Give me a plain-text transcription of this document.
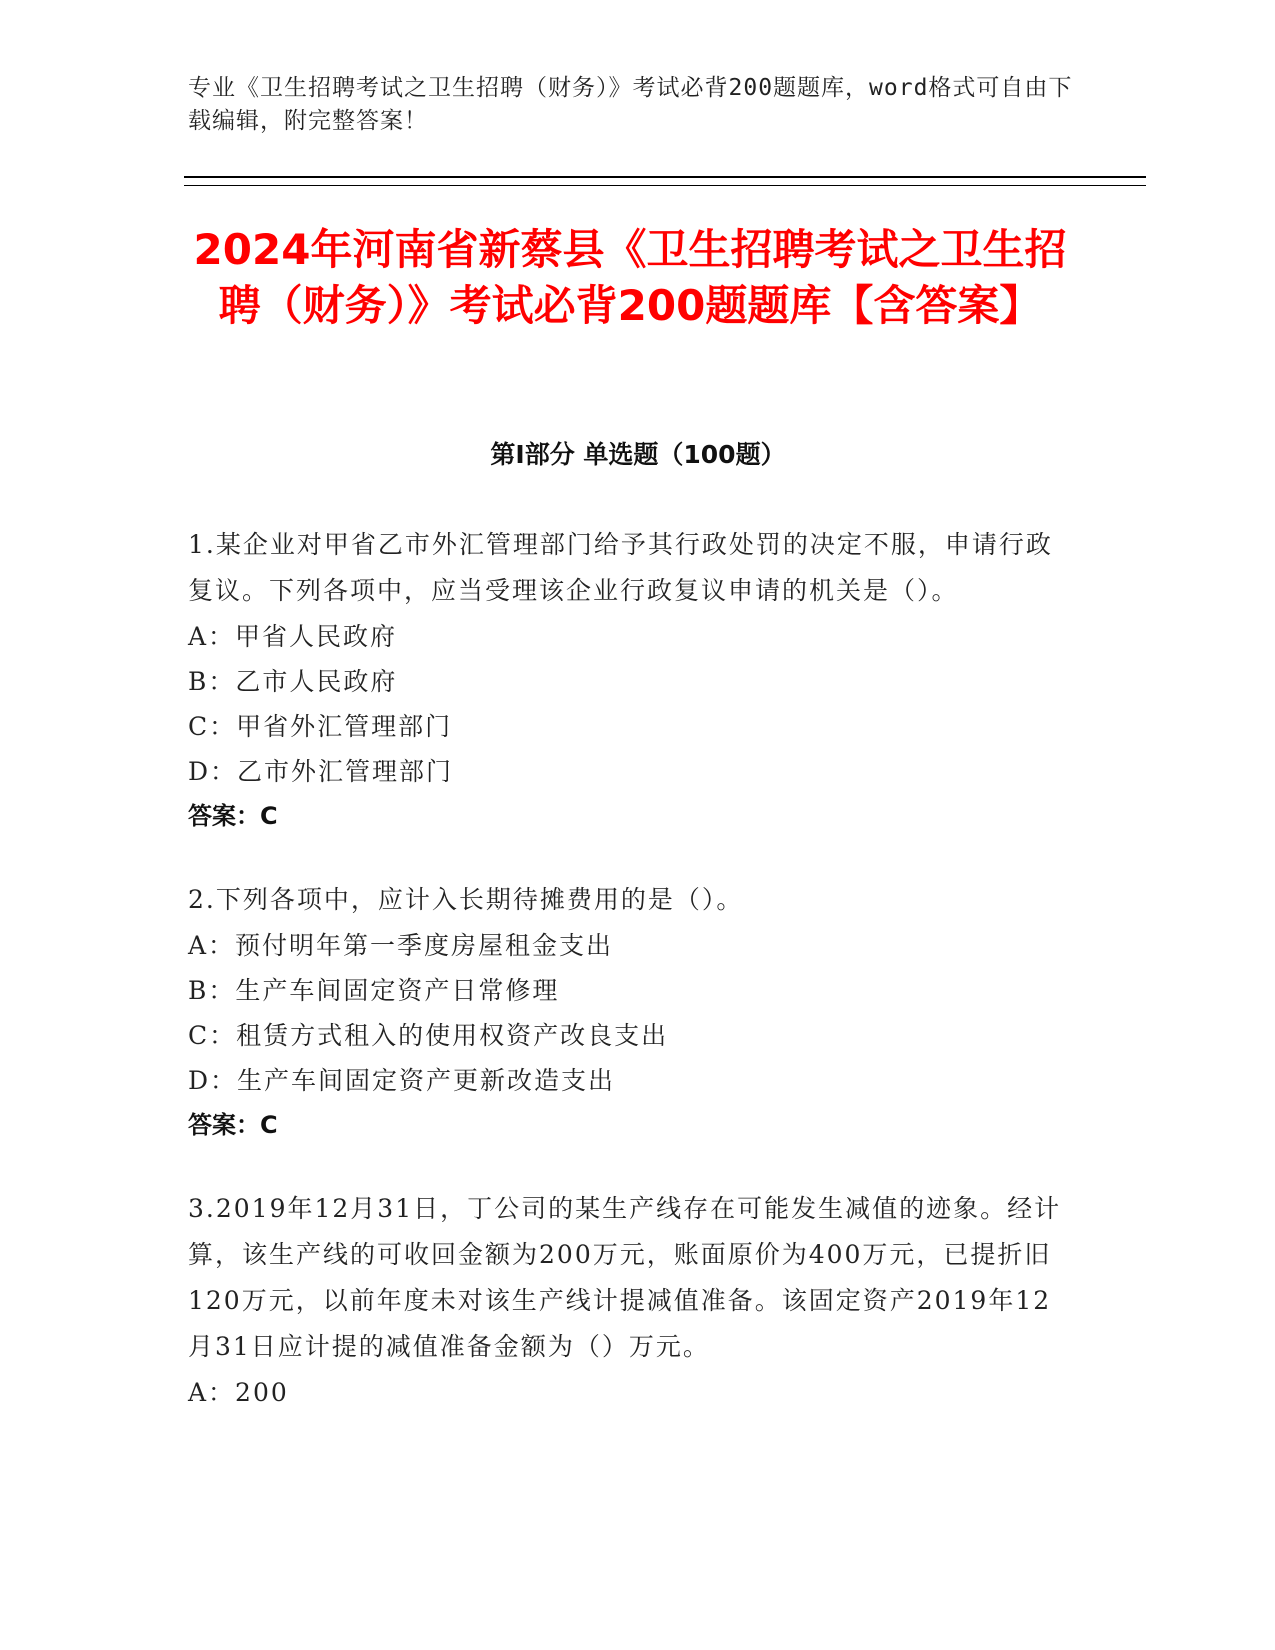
专业《卫生招聘考试之卫生招聘（财务）》考试必背200题题库，word格式可自由下载编辑，附完整答案！
2024年河南省新蔡县《卫生招聘考试之卫生招聘（财务）》考试必背200题题库【含答案】
第Ⅰ部分 单选题（100题）
1.某企业对甲省乙市外汇管理部门给予其行政处罚的决定不服，申请行政复议。下列各项中，应当受理该企业行政复议申请的机关是（）。
A：甲省人民政府
B：乙市人民政府
C：甲省外汇管理部门
D：乙市外汇管理部门
答案：C
2.下列各项中，应计入长期待摊费用的是（）。
A：预付明年第一季度房屋租金支出
B：生产车间固定资产日常修理
C：租赁方式租入的使用权资产改良支出
D：生产车间固定资产更新改造支出
答案：C
3.2019年12月31日，丁公司的某生产线存在可能发生减值的迹象。经计算，该生产线的可收回金额为200万元，账面原价为400万元，已提折旧120万元，以前年度未对该生产线计提减值准备。该固定资产2019年12月31日应计提的减值准备金额为（）万元。
A：200
